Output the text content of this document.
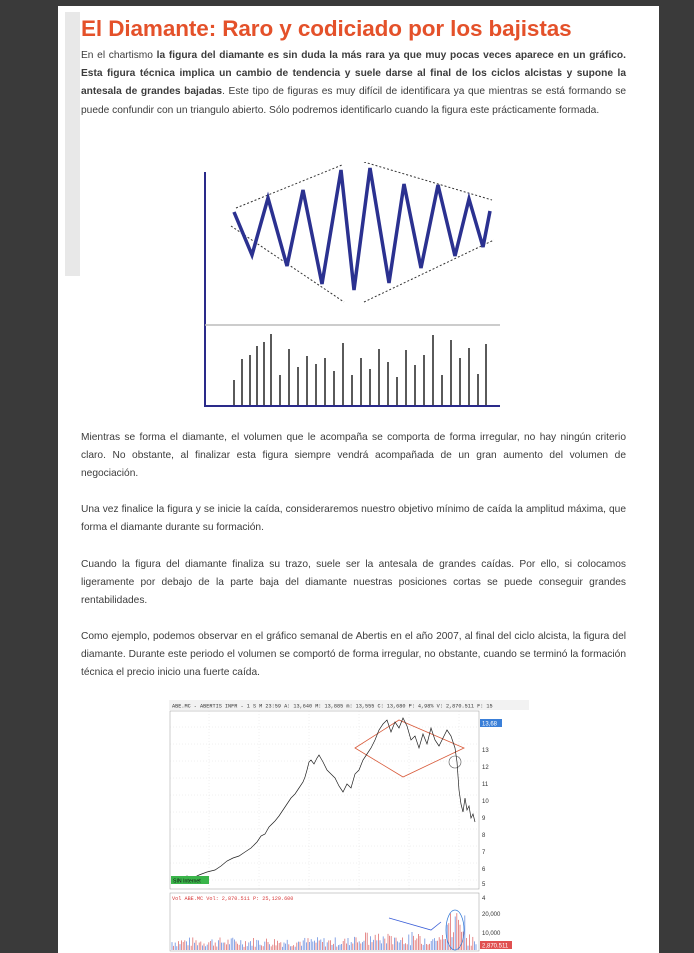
El Diamante: Raro y codiciado por los bajistas

En el chartismo la figura del diamante es sin duda la más rara ya que muy pocas veces aparece en un gráfico. Esta figura técnica implica un cambio de tendencia y suele darse al final de los ciclos alcistas y supone la antesala de grandes bajadas. Este tipo de figuras es muy difícil de identificara ya que mientras se está formando se puede confundir con un triangulo abierto. Sólo podremos identificarlo cuando la figura este prácticamente formada.

Mientras se forma el diamante, el volumen que le acompaña se comporta de forma irregular, no hay ningún criterio claro. No obstante, al finalizar esta figura siempre vendrá acompañada de un gran aumento del volumen de negociación.

Una vez finalice la figura y se inicie la caída, consideraremos nuestro objetivo mínimo de caída la amplitud máxima, que forma el diamante durante su formación.

Cuando la figura del diamante finaliza su trazo, suele ser la antesala de grandes caídas. Por ello, si colocamos ligeramente por debajo de la parte baja del diamante nuestras posiciones cortas se puede conseguir grandes rentabilidades.

Como ejemplo, podemos observar en el gráfico semanal de Abertis en el año 2007, al final del ciclo alcista, la figura del diamante. Durante este periodo el volumen se comportó de forma irregular, no obstante, cuando se terminó la formación técnica el precio inicio una fuerte caída.

ABE.MC - ABERTIS INFR - 1 S M 23:59 A: 13,640 M: 13,885 m: 13,555 C: 13,680 P: 4,98% V: 2,870.511 F: 15
13
12
11
10
9
8
7
6
5
4
13,68
SIN Internet
Vol ABE.MC Vol: 2,870.511 P: 25,129.600
20,000
10,000
2,870.511
